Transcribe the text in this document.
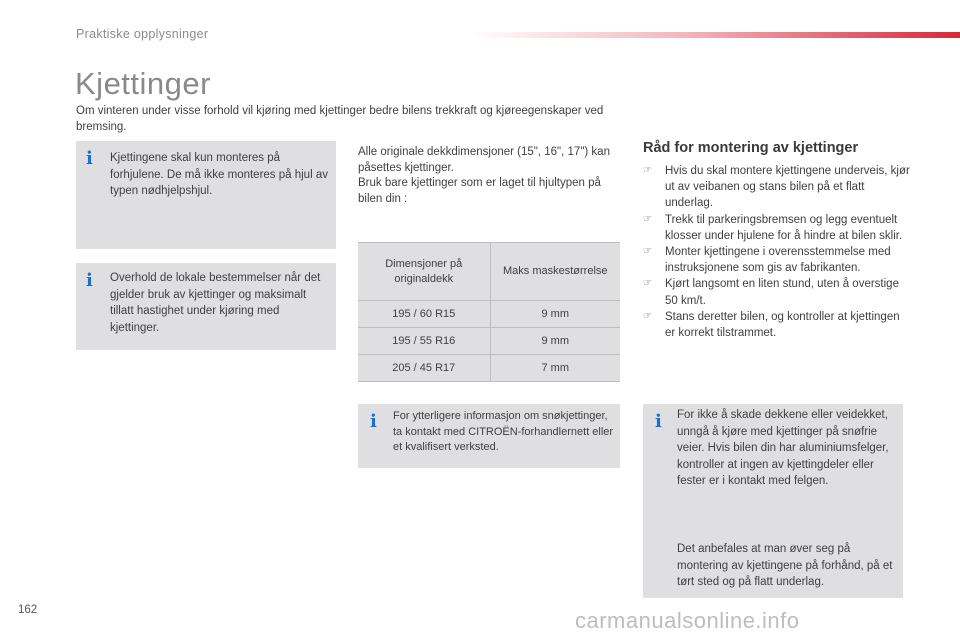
Praktiske opplysninger
Kjettinger

Om vinteren under visse forhold vil kjøring med kjettinger bedre bilens trekkraft og kjøreegenskaper ved bremsing.

i Kjettingene skal kun monteres på forhjulene. De må ikke monteres på hjul av typen nødhjelpshjul.

i Overhold de lokale bestemmelser når det gjelder bruk av kjettinger og maksimalt tillatt hastighet under kjøring med kjettinger.

Alle originale dekkdimensjoner (15", 16", 17") kan påsettes kjettinger.

Bruk bare kjettinger som er laget til hjultypen på bilen din :

Dimensjoner på originaldekk	Maks maskestørrelse
195 / 60 R15	9 mm
195 / 55 R16	9 mm
205 / 45 R17	7 mm
i For ytterligere informasjon om snøkjettinger, ta kontakt med CITROËN-forhandlernett eller et kvalifisert verksted.

Råd for montering av kjettinger
☞ Hvis du skal montere kjettingene underveis, kjør ut av veibanen og stans bilen på et flatt underlag.
☞ Trekk til parkeringsbremsen og legg eventuelt klosser under hjulene for å hindre at bilen sklir.
☞ Monter kjettingene i overensstemmelse med instruksjonene som gis av fabrikanten.
☞ Kjørt langsomt en liten stund, uten å overstige 50 km/t.
☞ Stans deretter bilen, og kontroller at kjettingen er korrekt tilstrammet.
i For ikke å skade dekkene eller veidekket, unngå å kjøre med kjettinger på snøfrie veier. Hvis bilen din har aluminiumsfelger, kontroller at ingen av kjettingdeler eller fester er i kontakt med felgen.

Det anbefales at man øver seg på montering av kjettingene på forhånd, på et tørt sted og på flatt underlag.

162	carmanualsonline.info
